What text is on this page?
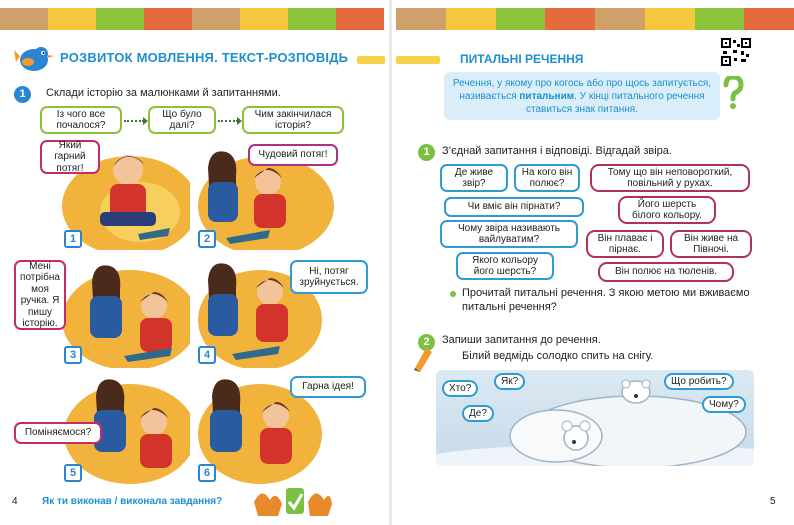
РОЗВИТОК МОВЛЕННЯ. ТЕКСТ-РОЗПОВІДЬ
1	Склади історію за малюнками й запитаннями.
Із чого все почалося?
Що було далі?
Чим закінчилася історія?
Який гарний потяг!
1
Чудовий потяг!
2
Мені потрібна моя ручка. Я пишу історію.
3
Ні, потяг зруйнується.
4
Поміняємося?
5
Гарна ідея!
6
4 Як ти виконав / виконала завдання?
ПИТАЛЬНІ РЕЧЕННЯ
Речення, у якому про когось або про щось запитується, називається питальним. У кінці питального речення ставиться знак питання.
1	З’єднай запитання і відповіді. Відгадай звіра.
Де живе звір?
На кого він полює?
Тому що він неповороткий, повільний у рухах.
Чи вміє він пірнати?	Його шерсть білого кольору.
Чому звіра називають вайлуватим?	Він плаває і пірнає.
Він живе на Півночі.
Якого кольору його шерсть?	Він полює на тюленів.
Прочитай питальні речення. З якою метою ми вживаємо питальні речення?
2	Запиши запитання до речення.
Білий ведмідь солодко спить на снігу.
Хто?
Як?	Що робить?
Де?
Чому?
5
